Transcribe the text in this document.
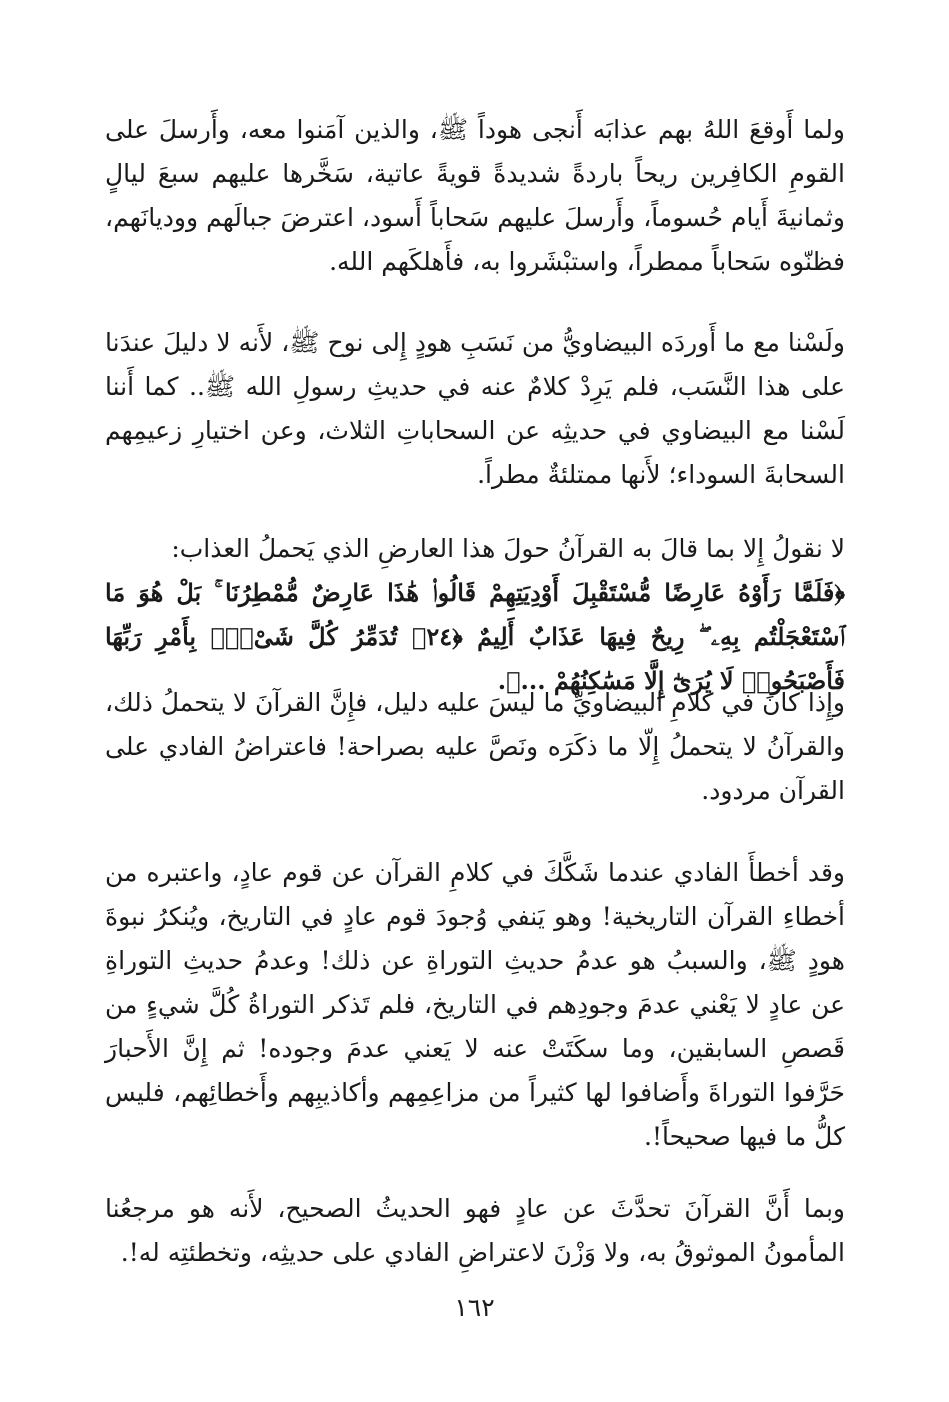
ولما أَوقعَ اللهُ بهم عذابَه أَنجى هوداً ﷺ، والذين آمَنوا معه، وأَرسلَ على القومِ الكافِرين ريحاً باردةً شديدةً قويةً عاتية، سَخَّرها عليهم سبعَ ليالٍ وثمانيةَ أَيام حُسوماً، وأَرسلَ عليهم سَحاباً أَسود، اعترضَ جبالَهم ووديانَهم، فظنّوه سَحاباً ممطراً، واستبْشَروا به، فأَهلكَهم الله.

ولَسْنا مع ما أَوردَه البيضاويُّ من نَسَبِ هودٍ إِلى نوح ﷺ، لأَنه لا دليلَ عندَنا على هذا النَّسَب، فلم يَرِدْ كلامٌ عنه في حديثِ رسولِ الله ﷺ.. كما أَننا لَسْنا مع البيضاوي في حديثِه عن السحاباتِ الثلاث، وعن اختيارِ زعيمِهم السحابةَ السوداء؛ لأَنها ممتلئةٌ مطراً.

لا نقولُ إِلا بما قالَ به القرآنُ حولَ هذا العارضِ الذي يَحملُ العذاب:

﴿فَلَمَّا رَأَوْهُ عَارِضًا مُّسْتَقْبِلَ أَوْدِيَتِهِمْ قَالُوا۟ هَٰذَا عَارِضٌ مُّمْطِرُنَا ۚ بَلْ هُوَ مَا ٱسْتَعْجَلْتُم بِهِۦ ۖ رِيحٌ فِيهَا عَذَابٌ أَلِيمٌ ﴿٢٤﴾ تُدَمِّرُ كُلَّ شَىْءٍۭ بِأَمْرِ رَبِّهَا فَأَصْبَحُوا۟ لَا يُرَىٰٓ إِلَّا مَسَٰكِنُهُمْ ...﴾.

وإِذا كانَ في كلامِ البيضاويِّ ما ليسَ عليه دليل، فإِنَّ القرآنَ لا يتحملُ ذلك، والقرآنُ لا يتحملُ إِلّا ما ذكَرَه ونَصَّ عليه بصراحة! فاعتراضُ الفادي على القرآن مردود.

وقد أخطأَ الفادي عندما شَكَّكَ في كلامِ القرآن عن قوم عادٍ، واعتبره من أخطاءِ القرآن التاريخية! وهو يَنفي وُجودَ قوم عادٍ في التاريخ، ويُنكرُ نبوةَ هودٍ ﷺ، والسببُ هو عدمُ حديثِ التوراةِ عن ذلك! وعدمُ حديثِ التوراةِ عن عادٍ لا يَعْني عدمَ وجودِهم في التاريخ، فلم تَذكر التوراةُ كُلَّ شيءٍ من قَصصِ السابقين، وما سكَتَتْ عنه لا يَعني عدمَ وجوده! ثم إِنَّ الأَحبارَ حَرَّفوا التوراةَ وأَضافوا لها كثيراً من مزاعِمِهم وأكاذيبِهم وأَخطائِهم، فليس كلُّ ما فيها صحيحاً!.

وبما أَنَّ القرآنَ تحدَّثَ عن عادٍ فهو الحديثُ الصحيح، لأَنه هو مرجعُنا المأمونُ الموثوقُ به، ولا وَزْنَ لاعتراضِ الفادي على حديثِه، وتخطئتِه له!.

١٦٢
